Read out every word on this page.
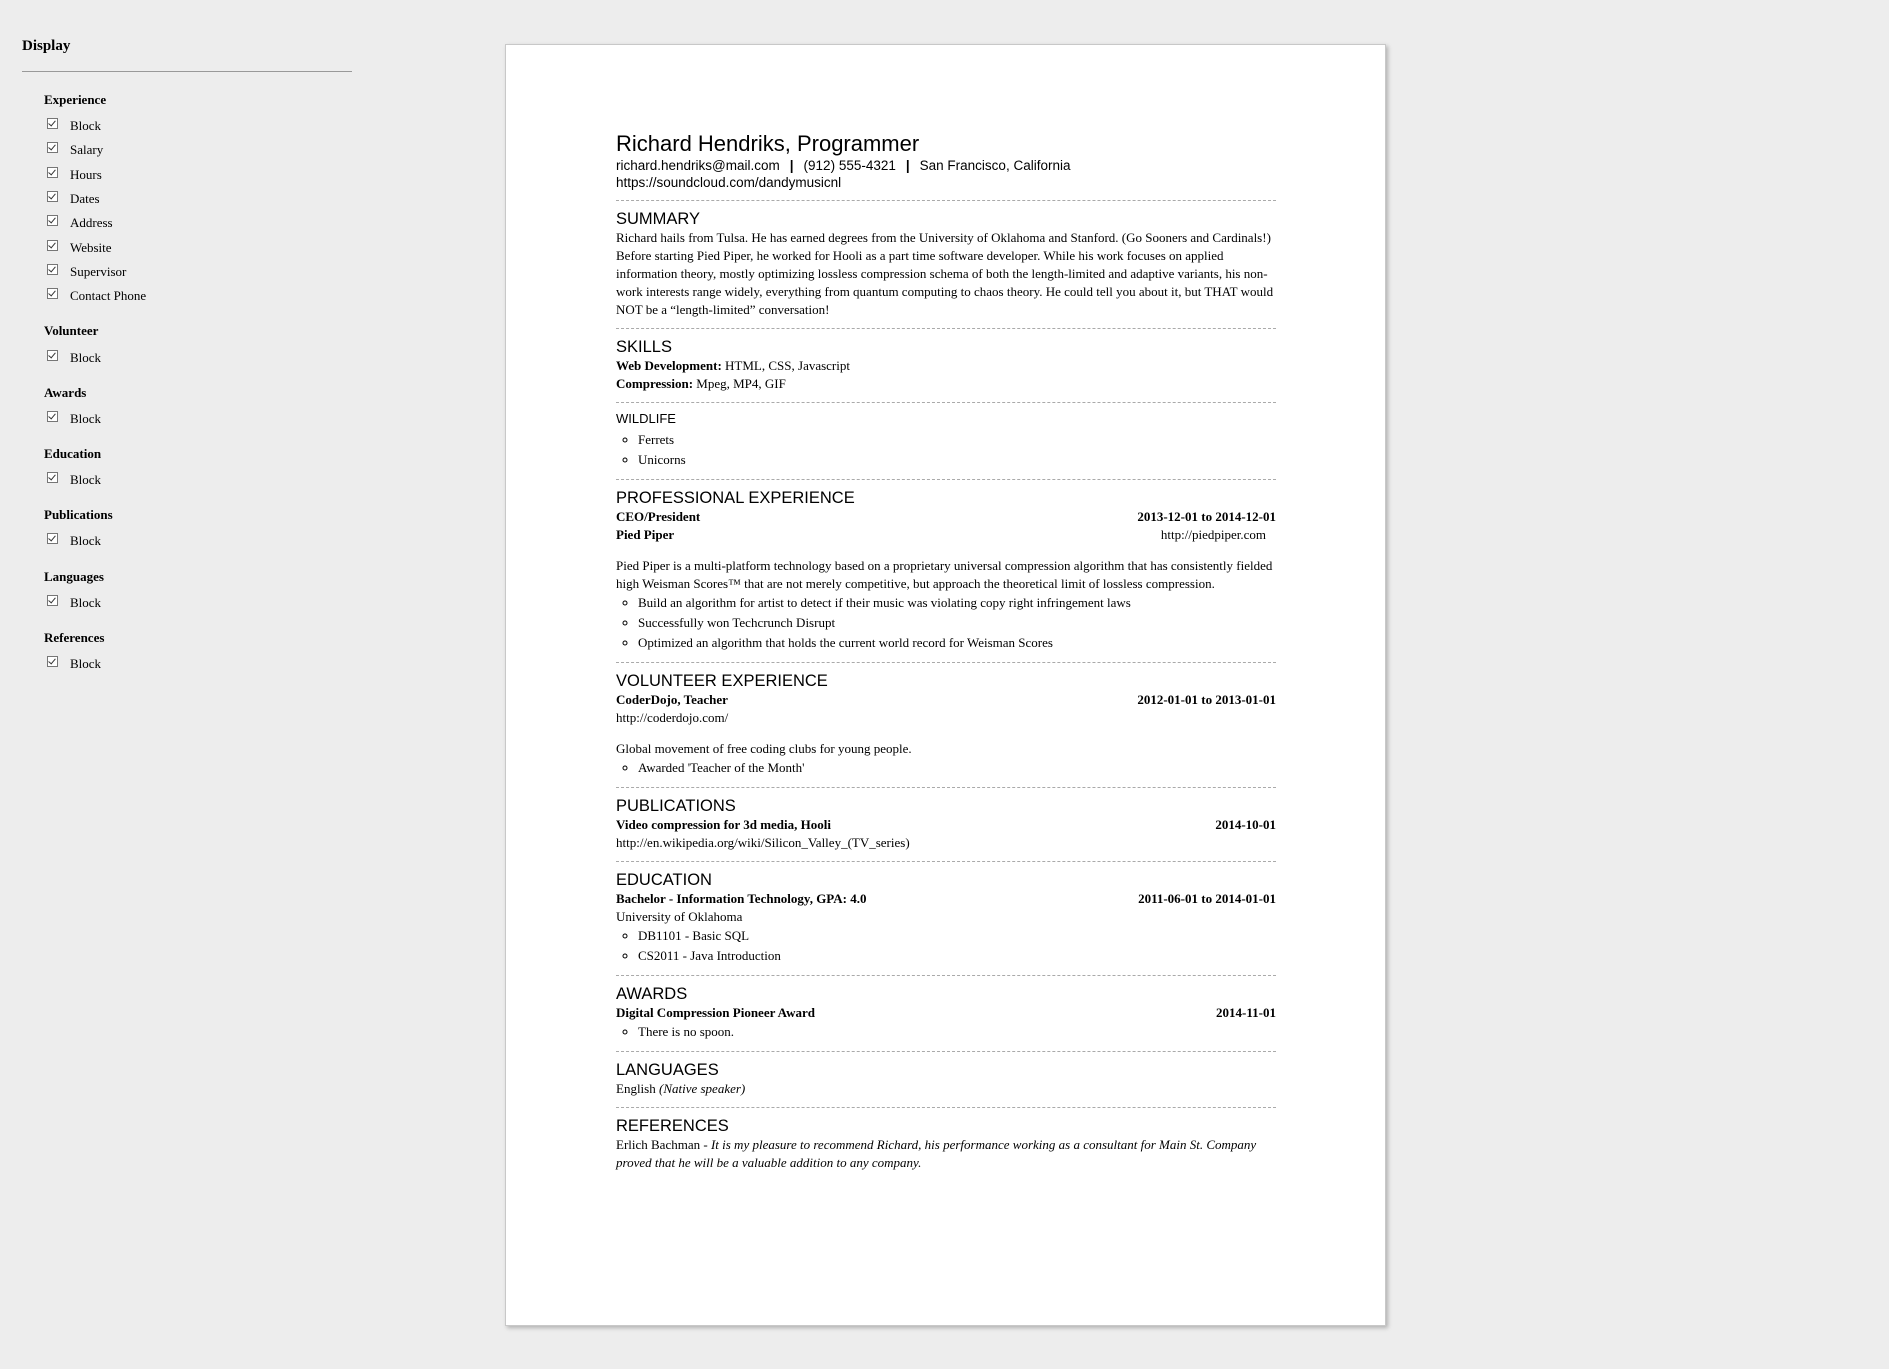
Display
Experience
Block
Salary
Hours
Dates
Address
Website
Supervisor
Contact Phone
Volunteer
Block
Awards
Block
Education
Block
Publications
Block
Languages
Block
References
Block
Richard Hendriks, Programmer
richard.hendriks@mail.com | (912) 555-4321 | San Francisco, California
https://soundcloud.com/dandymusicnl
SUMMARY

Richard hails from Tulsa. He has earned degrees from the University of Oklahoma and Stanford. (Go Sooners and Cardinals!) Before starting Pied Piper, he worked for Hooli as a part time software developer. While his work focuses on applied information theory, mostly optimizing lossless compression schema of both the length-limited and adaptive variants, his non-work interests range widely, everything from quantum computing to chaos theory. He could tell you about it, but THAT would NOT be a “length-limited” conversation!

SKILLS
Web Development: HTML, CSS, Javascript
Compression: Mpeg, MP4, GIF
WILDLIFE
◦ Ferrets
◦ Unicorns
PROFESSIONAL EXPERIENCE
CEO/President	2013-12-01 to 2014-12-01
Pied Piper	http://piedpiper.com

Pied Piper is a multi-platform technology based on a proprietary universal compression algorithm that has consistently fielded high Weisman Scores™ that are not merely competitive, but approach the theoretical limit of lossless compression.

◦ Build an algorithm for artist to detect if their music was violating copy right infringement laws
◦ Successfully won Techcrunch Disrupt
◦ Optimized an algorithm that holds the current world record for Weisman Scores
VOLUNTEER EXPERIENCE
CoderDojo, Teacher	2012-01-01 to 2013-01-01
http://coderdojo.com/

Global movement of free coding clubs for young people.

◦ Awarded 'Teacher of the Month'
PUBLICATIONS
Video compression for 3d media, Hooli	2014-10-01
http://en.wikipedia.org/wiki/Silicon_Valley_(TV_series)
EDUCATION
Bachelor - Information Technology, GPA: 4.0	2011-06-01 to 2014-01-01
University of Oklahoma
◦ DB1101 - Basic SQL
◦ CS2011 - Java Introduction
AWARDS
Digital Compression Pioneer Award	2014-11-01
◦ There is no spoon.
LANGUAGES
English (Native speaker)
REFERENCES

Erlich Bachman - It is my pleasure to recommend Richard, his performance working as a consultant for Main St. Company proved that he will be a valuable addition to any company.
